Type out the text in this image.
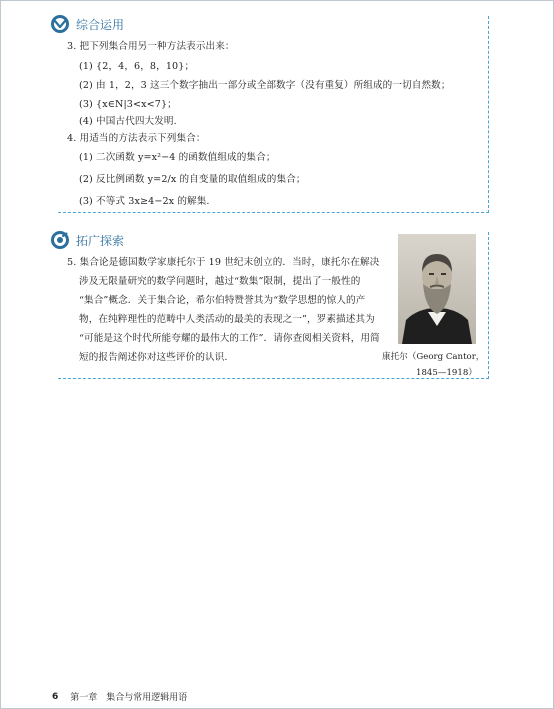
综合运用
3. 把下列集合用另一种方法表示出来：
(1) {2，4，6，8，10}；
(2) 由 1，2，3 这三个数字抽出一部分或全部数字（没有重复）所组成的一切自然数；
(3) {x∈N|3<x<7}；
(4) 中国古代四大发明.
4. 用适当的方法表示下列集合：
(1) 二次函数 y=x²−4 的函数值组成的集合；
(2) 反比例函数 y=2/x 的自变量的取值组成的集合；
(3) 不等式 3x≥4−2x 的解集.
拓广探索
5. 集合论是德国数学家康托尔于 19 世纪末创立的．当时，康托尔在解决
涉及无限量研究的数学问题时，越过“数集”限制，提出了一般性的
“集合”概念．关于集合论，希尔伯特赞誉其为“数学思想的惊人的产
物，在纯粹理性的范畴中人类活动的最美的表现之一”，罗素描述其为
“可能是这个时代所能夸耀的最伟大的工作”．请你查阅相关资料，用简
短的报告阐述你对这些评价的认识.	康托尔（Georg Cantor，
1845—1918）
6 第一章　集合与常用逻辑用语
